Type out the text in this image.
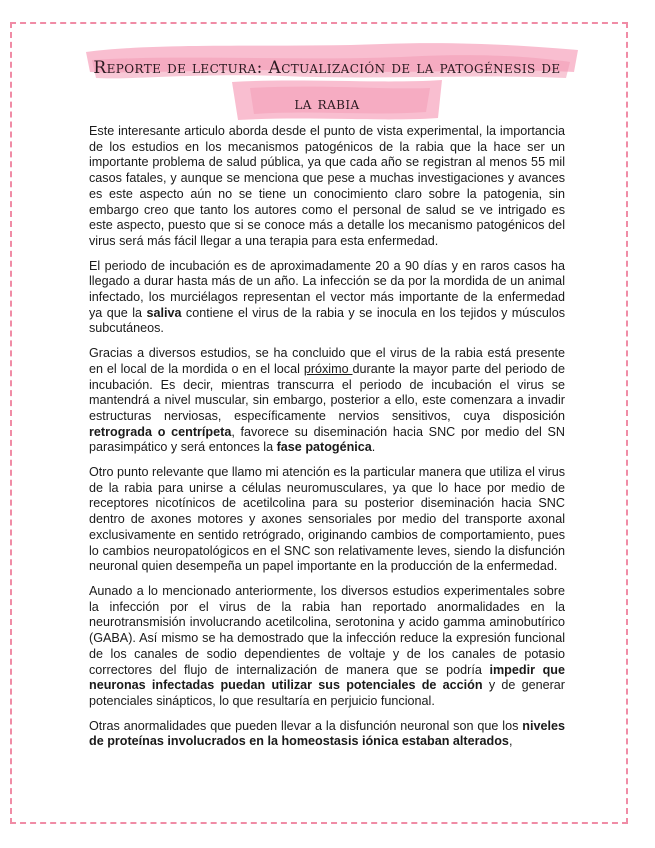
Reporte de lectura: Actualización de la patogénesis de la rabia

Este interesante articulo aborda desde el punto de vista experimental, la importancia de los estudios en los mecanismos patogénicos de la rabia que la hace ser un importante problema de salud pública, ya que cada año se registran al menos 55 mil casos fatales, y aunque se menciona que pese a muchas investigaciones y avances es este aspecto aún no se tiene un conocimiento claro sobre la patogenia, sin embargo creo que tanto los autores como el personal de salud se ve intrigado es este aspecto, puesto que si se conoce más a detalle los mecanismo patogénicos del virus será más fácil llegar a una terapia para esta enfermedad.

El periodo de incubación es de aproximadamente 20 a 90 días y en raros casos ha llegado a durar hasta más de un año. La infección se da por la mordida de un animal infectado, los murciélagos representan el vector más importante de la enfermedad ya que la saliva contiene el virus de la rabia y se inocula en los tejidos y músculos subcutáneos.

Gracias a diversos estudios, se ha concluido que el virus de la rabia está presente en el local de la mordida o en el local próximo durante la mayor parte del periodo de incubación. Es decir, mientras transcurra el periodo de incubación el virus se mantendrá a nivel muscular, sin embargo, posterior a ello, este comenzara a invadir estructuras nerviosas, específicamente nervios sensitivos, cuya disposición retrograda o centrípeta, favorece su diseminación hacia SNC por medio del SN parasimpático y será entonces la fase patogénica.

Otro punto relevante que llamo mi atención es la particular manera que utiliza el virus de la rabia para unirse a células neuromusculares, ya que lo hace por medio de receptores nicotínicos de acetilcolina para su posterior diseminación hacia SNC dentro de axones motores y axones sensoriales por medio del transporte axonal exclusivamente en sentido retrógrado, originando cambios de comportamiento, pues lo cambios neuropatológicos en el SNC son relativamente leves, siendo la disfunción neuronal quien desempeña un papel importante en la producción de la enfermedad.

Aunado a lo mencionado anteriormente, los diversos estudios experimentales sobre la infección por el virus de la rabia han reportado anormalidades en la neurotransmisión involucrando acetilcolina, serotonina y acido gamma aminobutírico (GABA). Así mismo se ha demostrado que la infección reduce la expresión funcional de los canales de sodio dependientes de voltaje y de los canales de potasio correctores del flujo de internalización de manera que se podría impedir que neuronas infectadas puedan utilizar sus potenciales de acción y de generar potenciales sinápticos, lo que resultaría en perjuicio funcional.

Otras anormalidades que pueden llevar a la disfunción neuronal son que los niveles de proteínas involucrados en la homeostasis iónica estaban alterados,
